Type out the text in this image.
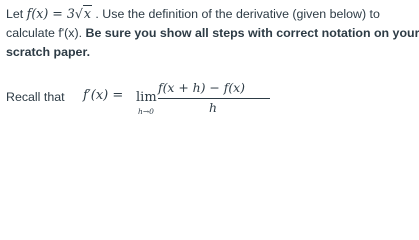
Let f(x) = 3√x . Use the definition of the derivative (given below) to
calculate f'(x). Be sure you show all steps with correct notation on your
scratch paper.
Recall that f′(x) = lim
h→0
f(x + h) − f(x)
h
